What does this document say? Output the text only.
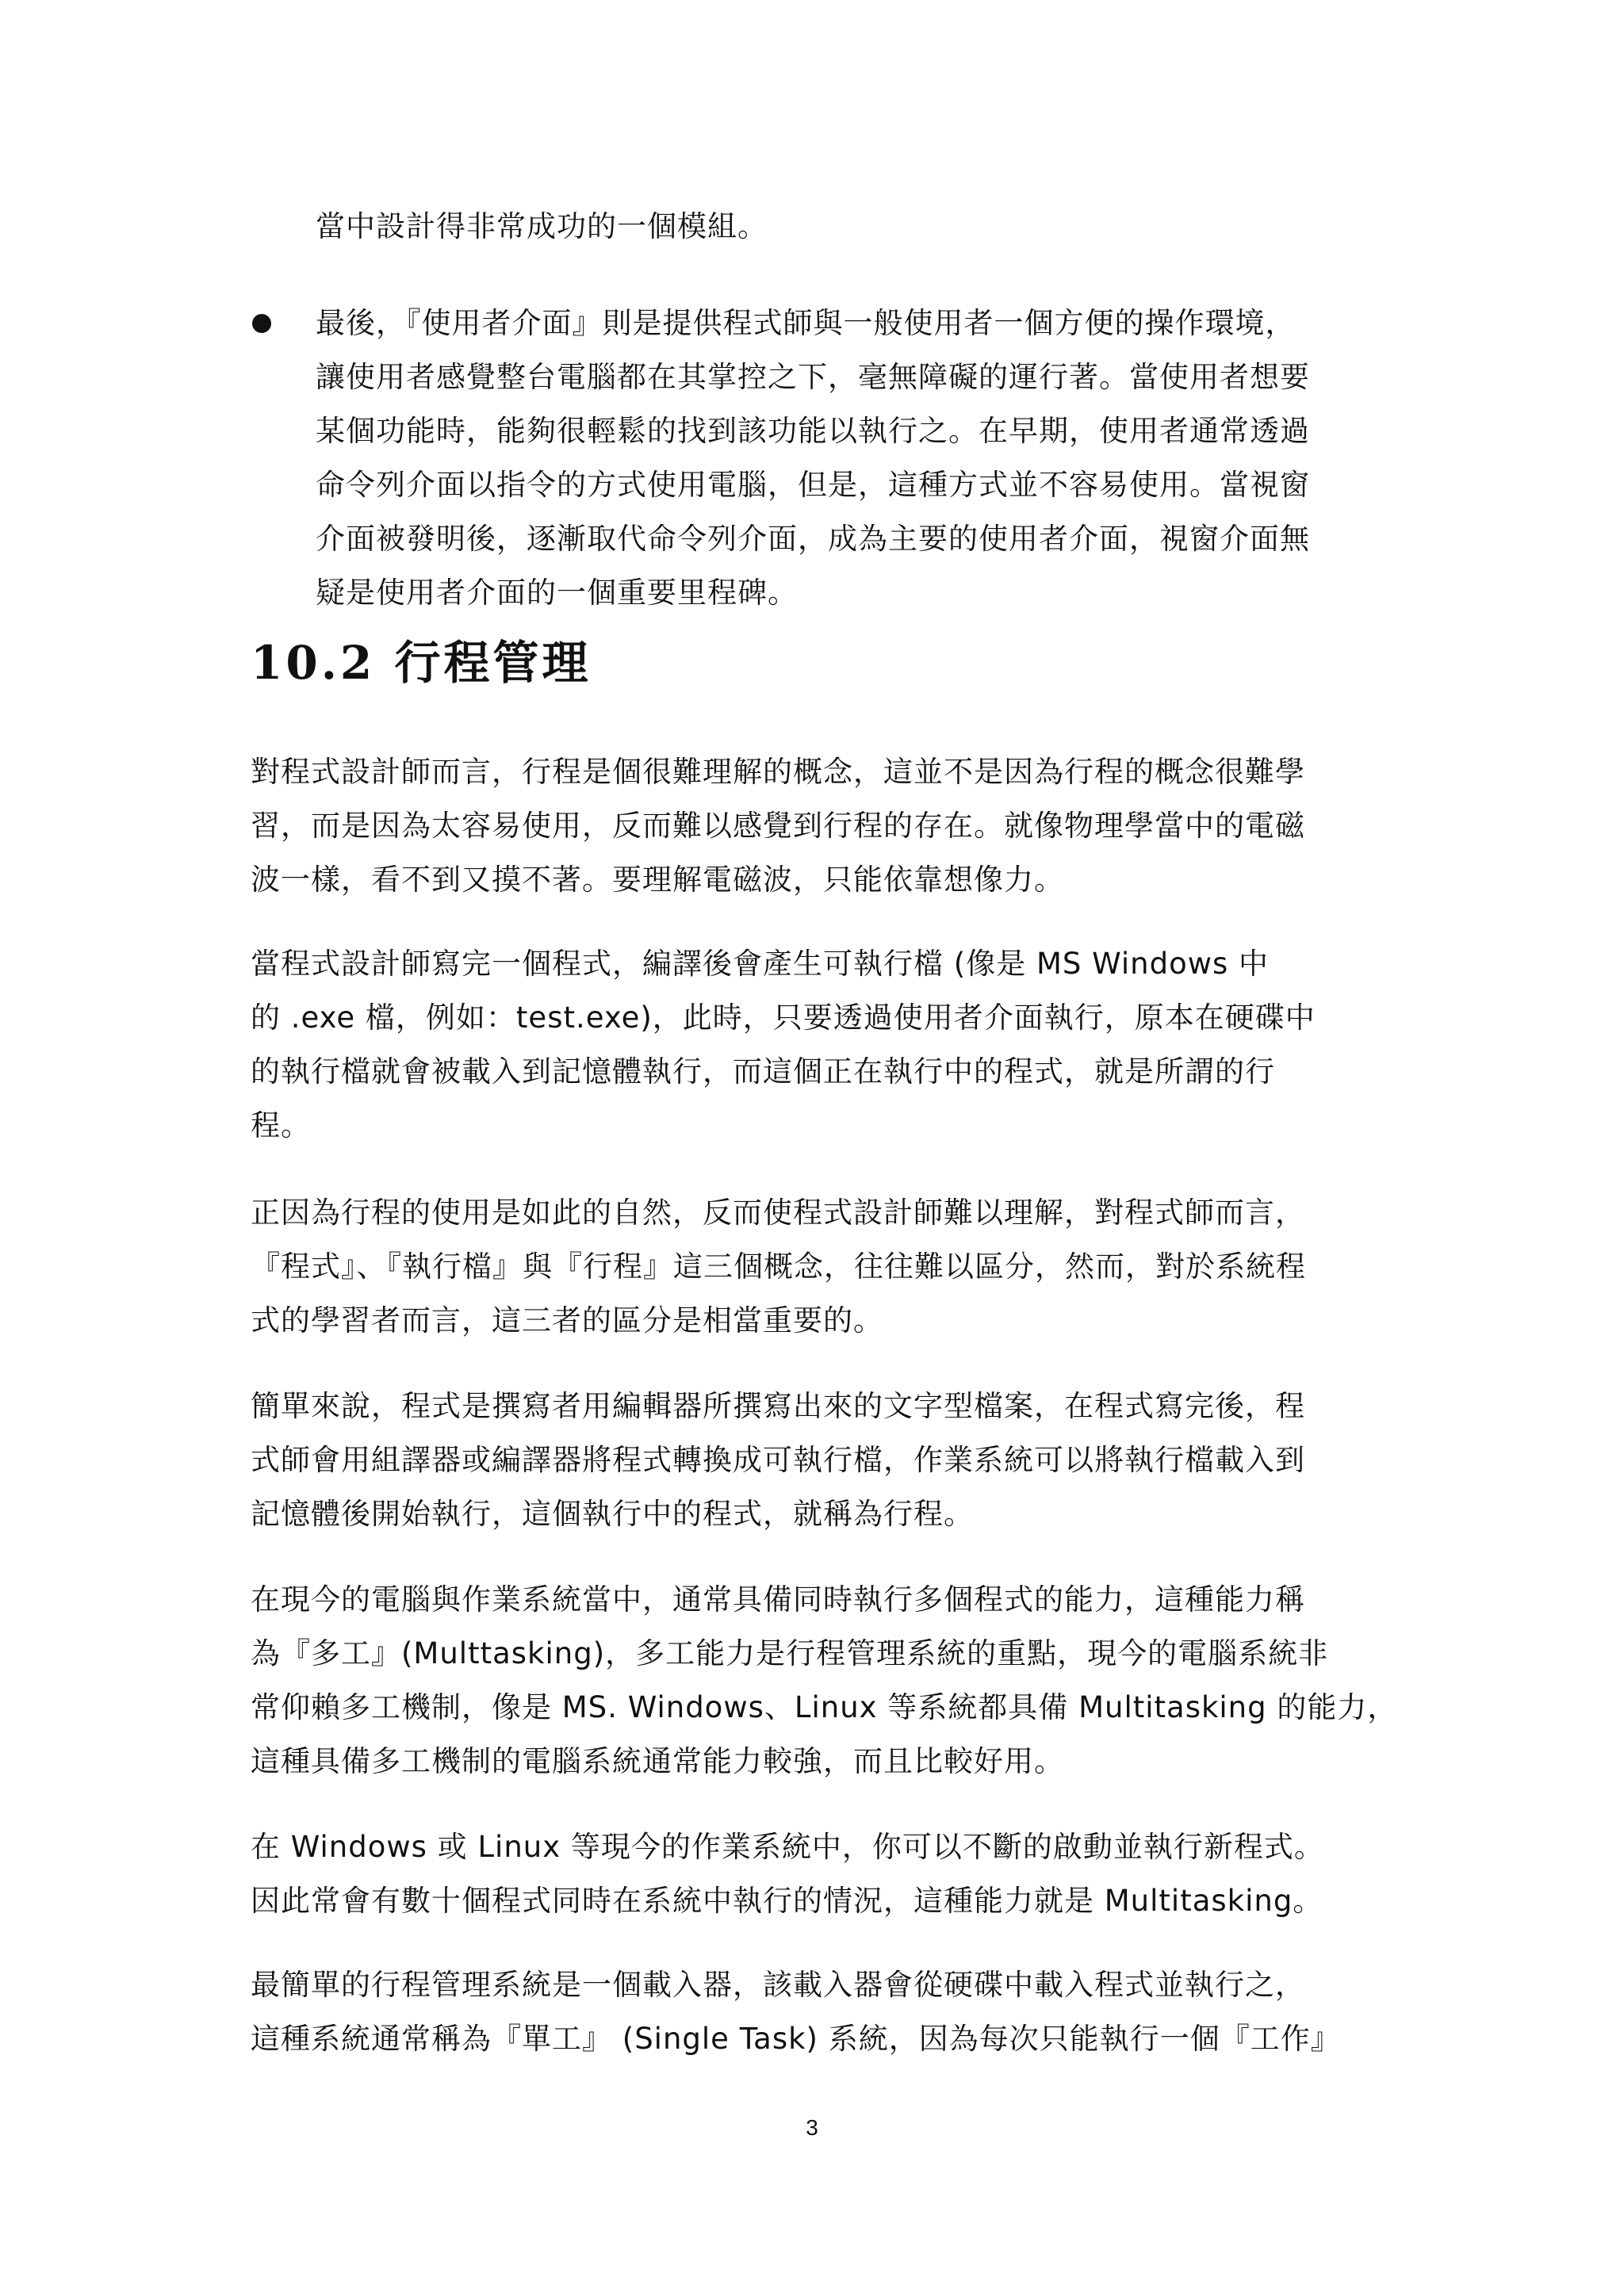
當中設計得非常成功的一個模組。
最後，『使用者介面』則是提供程式師與一般使用者一個方便的操作環境，
讓使用者感覺整台電腦都在其掌控之下，毫無障礙的運行著。當使用者想要
某個功能時，能夠很輕鬆的找到該功能以執行之。在早期，使用者通常透過
命令列介面以指令的方式使用電腦，但是，這種方式並不容易使用。當視窗
介面被發明後，逐漸取代命令列介面，成為主要的使用者介面，視窗介面無
疑是使用者介面的一個重要里程碑。
10.2 行程管理
對程式設計師而言，行程是個很難理解的概念，這並不是因為行程的概念很難學
習，而是因為太容易使用，反而難以感覺到行程的存在。就像物理學當中的電磁
波一樣，看不到又摸不著。要理解電磁波，只能依靠想像力。
當程式設計師寫完一個程式，編譯後會產生可執行檔 (像是 MS Windows 中
的 .exe 檔，例如：test.exe)，此時，只要透過使用者介面執行，原本在硬碟中
的執行檔就會被載入到記憶體執行，而這個正在執行中的程式，就是所謂的行
程。
正因為行程的使用是如此的自然，反而使程式設計師難以理解，對程式師而言，
『程式』、『執行檔』與『行程』這三個概念，往往難以區分，然而，對於系統程
式的學習者而言，這三者的區分是相當重要的。
簡單來說，程式是撰寫者用編輯器所撰寫出來的文字型檔案，在程式寫完後，程
式師會用組譯器或編譯器將程式轉換成可執行檔，作業系統可以將執行檔載入到
記憶體後開始執行，這個執行中的程式，就稱為行程。
在現今的電腦與作業系統當中，通常具備同時執行多個程式的能力，這種能力稱
為『多工』(Multtasking)，多工能力是行程管理系統的重點，現今的電腦系統非
常仰賴多工機制，像是 MS. Windows、Linux 等系統都具備 Multitasking 的能力，
這種具備多工機制的電腦系統通常能力較強，而且比較好用。
在 Windows 或 Linux 等現今的作業系統中，你可以不斷的啟動並執行新程式。
因此常會有數十個程式同時在系統中執行的情況，這種能力就是 Multitasking。
最簡單的行程管理系統是一個載入器，該載入器會從硬碟中載入程式並執行之，
這種系統通常稱為『單工』 (Single Task) 系統，因為每次只能執行一個『工作』
3
